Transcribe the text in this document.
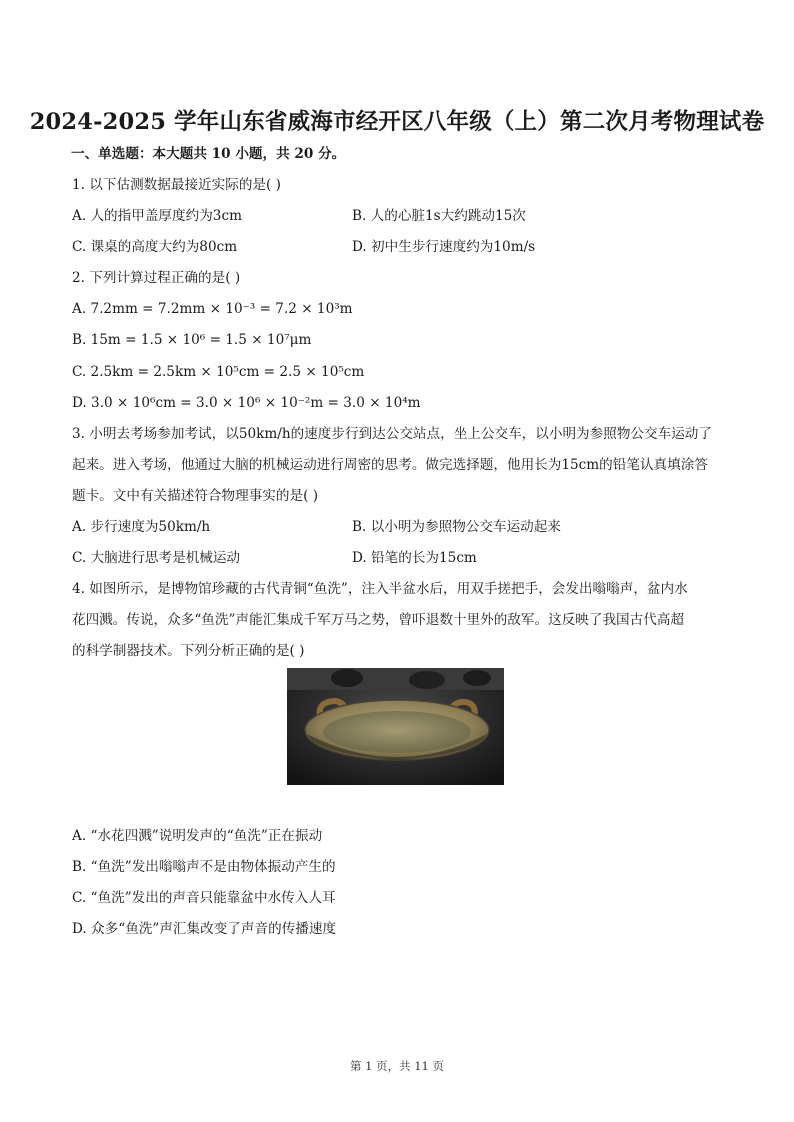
2024-2025 学年山东省威海市经开区八年级（上）第二次月考物理试卷
一、单选题：本大题共 10 小题，共 20 分。
1. 以下估测数据最接近实际的是( )
A. 人的指甲盖厚度约为3cm	B. 人的心脏1s大约跳动15次
C. 课桌的高度大约为80cm	D. 初中生步行速度约为10m/s
2. 下列计算过程正确的是( )
A. 7.2mm = 7.2mm × 10⁻³ = 7.2 × 10³m
B. 15m = 1.5 × 10⁶ = 1.5 × 10⁷μm
C. 2.5km = 2.5km × 10⁵cm = 2.5 × 10⁵cm
D. 3.0 × 10⁶cm = 3.0 × 10⁶ × 10⁻²m = 3.0 × 10⁴m
3. 小明去考场参加考试，以50km/h的速度步行到达公交站点，坐上公交车，以小明为参照物公交车运动了
起来。进入考场，他通过大脑的机械运动进行周密的思考。做完选择题，他用长为15cm的铅笔认真填涂答
题卡。文中有关描述符合物理事实的是( )
A. 步行速度为50km/h	B. 以小明为参照物公交车运动起来
C. 大脑进行思考是机械运动	D. 铅笔的长为15cm
4. 如图所示，是博物馆珍藏的古代青铜“鱼洗”，注入半盆水后，用双手搓把手，会发出嗡嗡声，盆内水
花四溅。传说，众多“鱼洗”声能汇集成千军万马之势，曾吓退数十里外的敌军。这反映了我国古代高超
的科学制器技术。下列分析正确的是( )
A. “水花四溅”说明发声的“鱼洗”正在振动
B. “鱼洗”发出嗡嗡声不是由物体振动产生的
C. “鱼洗”发出的声音只能靠盆中水传入人耳
D. 众多“鱼洗”声汇集改变了声音的传播速度
第 1 页，共 11 页
